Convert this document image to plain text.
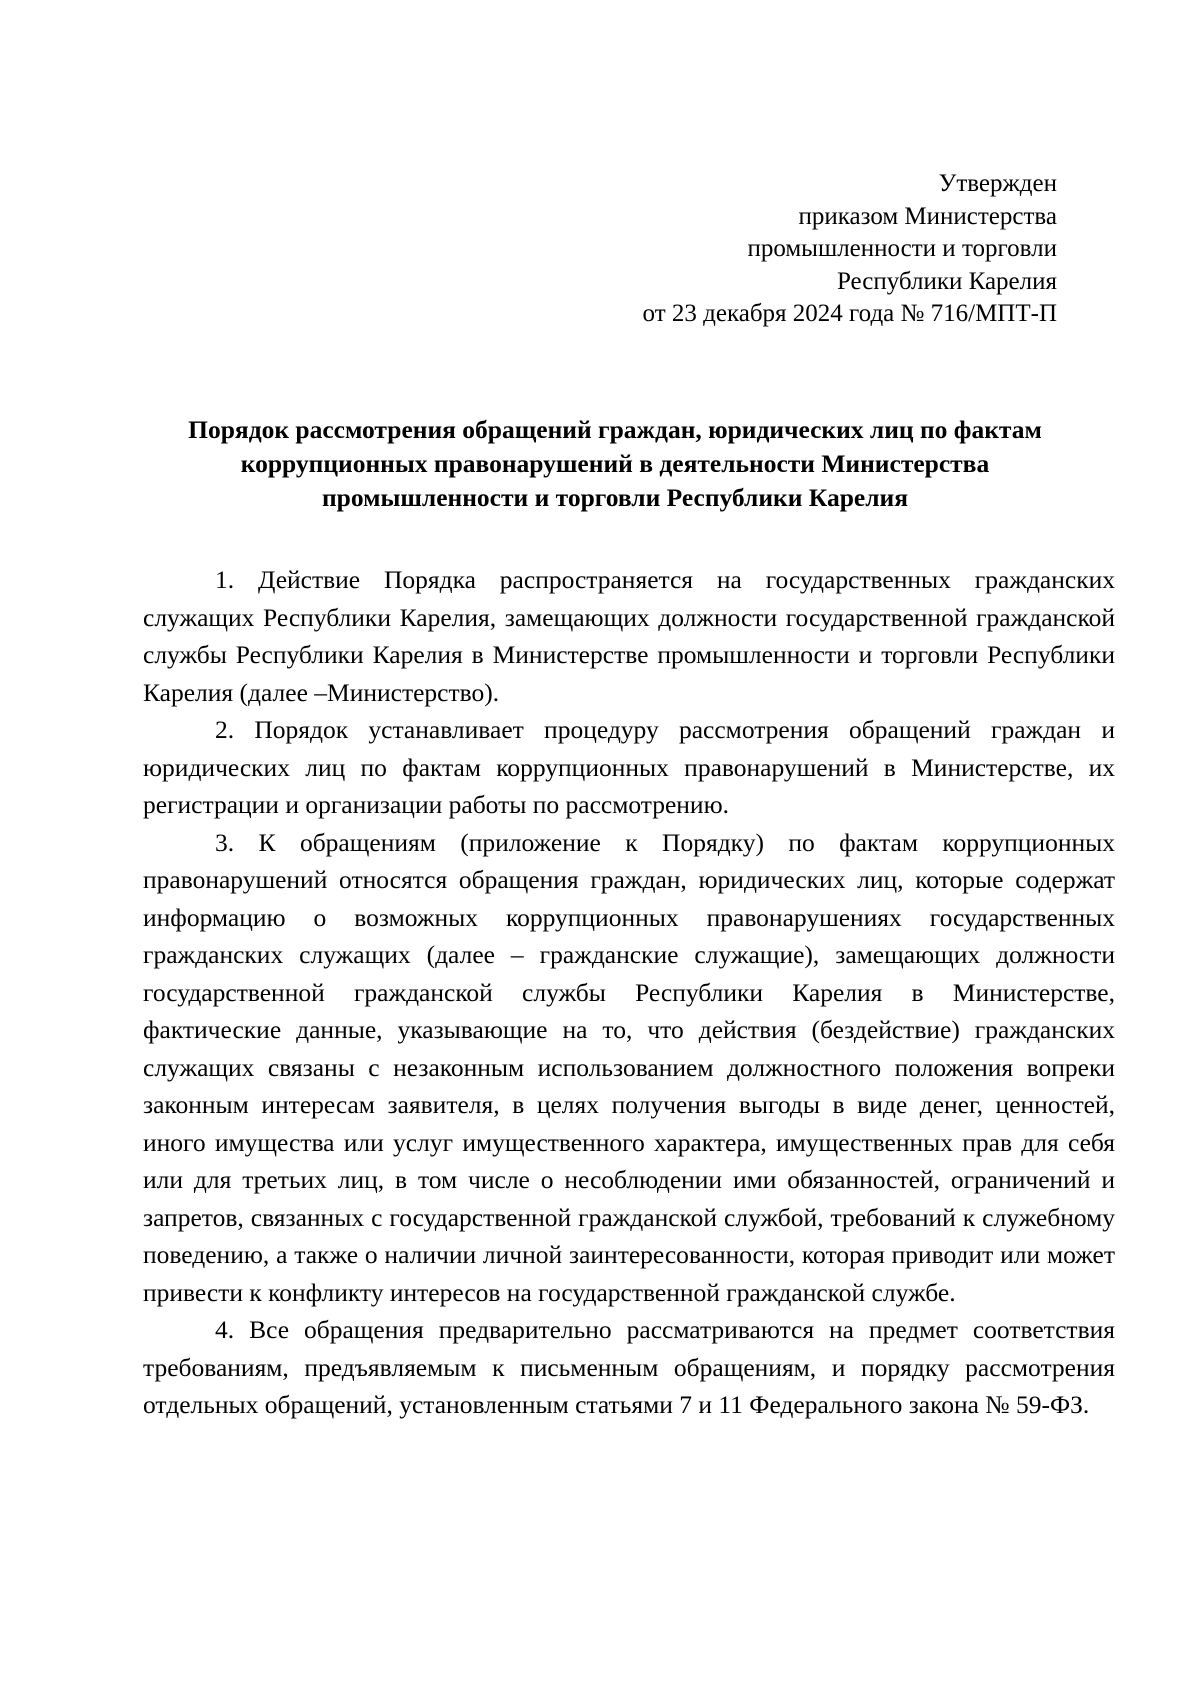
Утвержден
приказом Министерства
промышленности и торговли
Республики Карелия
от 23 декабря 2024 года № 716/МПТ-П
Порядок рассмотрения обращений граждан, юридических лиц по фактам
коррупционных правонарушений в деятельности Министерства
промышленности и торговли Республики Карелия

1. Действие Порядка распространяется на государственных гражданских служащих Республики Карелия, замещающих должности государственной гражданской службы Республики Карелия в Министерстве промышленности и торговли Республики Карелия (далее –Министерство).

2. Порядок устанавливает процедуру рассмотрения обращений граждан и юридических лиц по фактам коррупционных правонарушений в Министерстве, их регистрации и организации работы по рассмотрению.

3. К обращениям (приложение к Порядку) по фактам коррупционных правонарушений относятся обращения граждан, юридических лиц, которые содержат информацию о возможных коррупционных правонарушениях государственных гражданских служащих (далее – гражданские служащие), замещающих должности государственной гражданской службы Республики Карелия в Министерстве, фактические данные, указывающие на то, что действия (бездействие) гражданских служащих связаны с незаконным использованием должностного положения вопреки законным интересам заявителя, в целях получения выгоды в виде денег, ценностей, иного имущества или услуг имущественного характера, имущественных прав для себя или для третьих лиц, в том числе о несоблюдении ими обязанностей, ограничений и запретов, связанных с государственной гражданской службой, требований к служебному поведению, а также о наличии личной заинтересованности, которая приводит или может привести к конфликту интересов на государственной гражданской службе.

4. Все обращения предварительно рассматриваются на предмет соответствия требованиям, предъявляемым к письменным обращениям, и порядку рассмотрения отдельных обращений, установленным статьями 7 и 11 Федерального закона № 59-ФЗ.
